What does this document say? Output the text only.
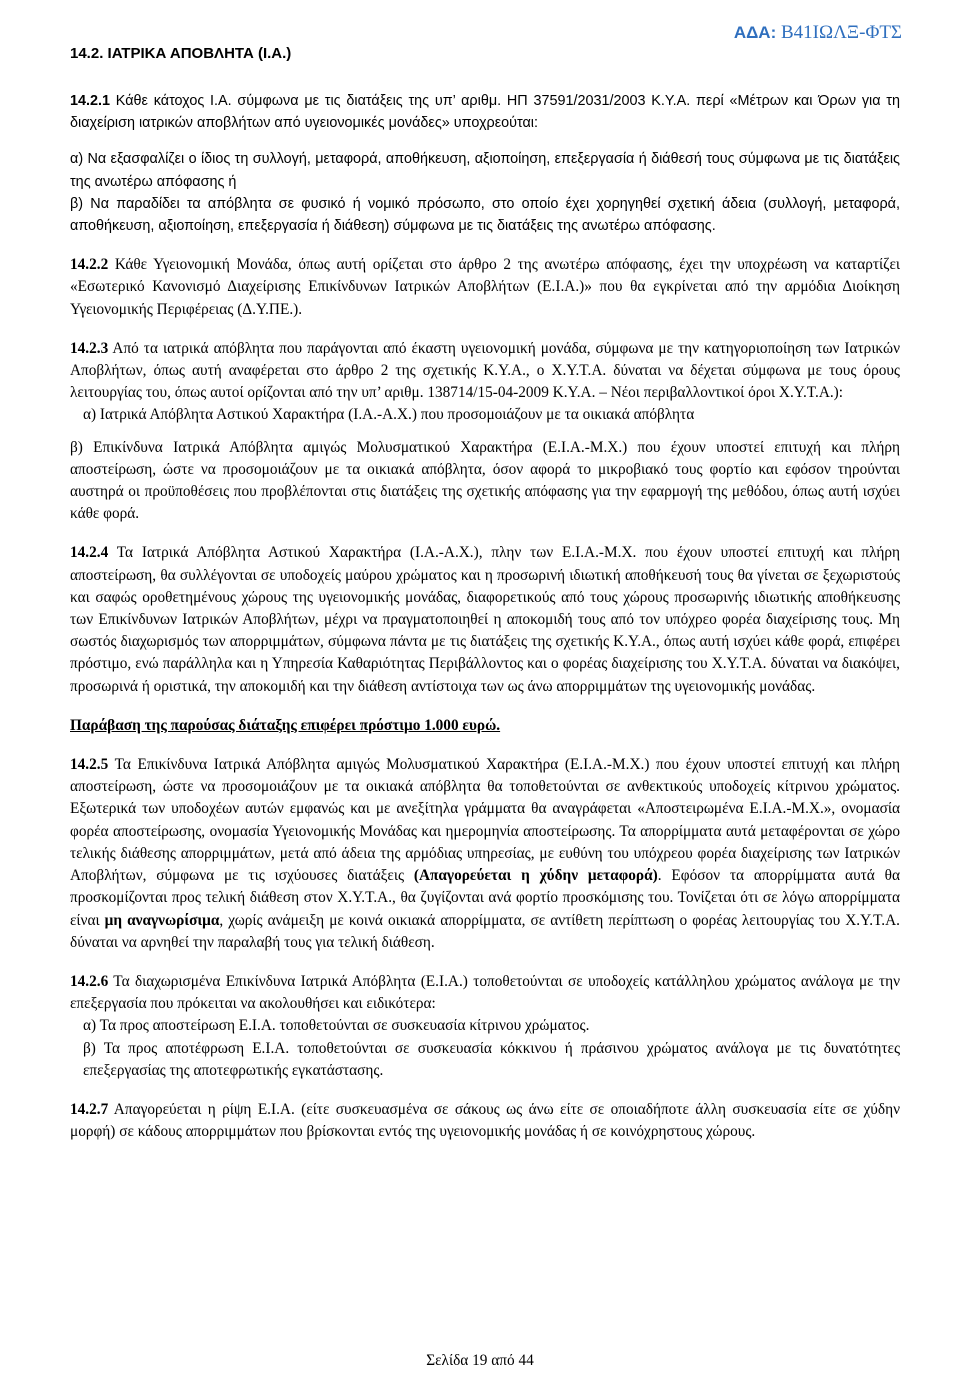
14.2. ΙΑΤΡΙΚΑ ΑΠΟΒΛΗΤΑ (Ι.Α.)
ΑΔΑ: Β41ΙΩΛΞ-ΦΤΣ

14.2.1 Κάθε κάτοχος Ι.Α. σύμφωνα με τις διατάξεις της υπ’ αριθμ. ΗΠ 37591/2031/2003 Κ.Υ.Α. περί «Μέτρων και Όρων για τη διαχείριση ιατρικών αποβλήτων από υγειονομικές μονάδες» υποχρεούται:

α) Να εξασφαλίζει ο ίδιος τη συλλογή, μεταφορά, αποθήκευση, αξιοποίηση, επεξεργασία ή διάθεσή τους σύμφωνα με τις διατάξεις της ανωτέρω απόφασης ή

β) Να παραδίδει τα απόβλητα σε φυσικό ή νομικό πρόσωπο, στο οποίο έχει χορηγηθεί σχετική άδεια (συλλογή, μεταφορά, αποθήκευση, αξιοποίηση, επεξεργασία ή διάθεση) σύμφωνα με τις διατάξεις της ανωτέρω απόφασης.

14.2.2 Κάθε Υγειονομική Μονάδα, όπως αυτή ορίζεται στο άρθρο 2 της ανωτέρω απόφασης, έχει την υποχρέωση να καταρτίζει «Εσωτερικό Κανονισμό Διαχείρισης Επικίνδυνων Ιατρικών Αποβλήτων (Ε.Ι.Α.)» που θα εγκρίνεται από την αρμόδια Διοίκηση Υγειονομικής Περιφέρειας (Δ.Υ.ΠΕ.).

14.2.3 Από τα ιατρικά απόβλητα που παράγονται από έκαστη υγειονομική μονάδα, σύμφωνα με την κατηγοριοποίηση των Ιατρικών Αποβλήτων, όπως αυτή αναφέρεται στο άρθρο 2 της σχετικής Κ.Υ.Α., ο Χ.Υ.Τ.Α. δύναται να δέχεται σύμφωνα με τους όρους λειτουργίας του, όπως αυτοί ορίζονται από την υπ’ αριθμ. 138714/15-04-2009 Κ.Υ.Α. – Νέοι περιβαλλοντικοί όροι Χ.Υ.Τ.Α.):

α) Ιατρικά Απόβλητα Αστικού Χαρακτήρα (Ι.Α.-Α.Χ.) που προσομοιάζουν με τα οικιακά απόβλητα

β) Επικίνδυνα Ιατρικά Απόβλητα αμιγώς Μολυσματικού Χαρακτήρα (Ε.Ι.Α.-Μ.Χ.) που έχουν υποστεί επιτυχή και πλήρη αποστείρωση, ώστε να προσομοιάζουν με τα οικιακά απόβλητα, όσον αφορά το μικροβιακό τους φορτίο και εφόσον τηρούνται αυστηρά οι προϋποθέσεις που προβλέπονται στις διατάξεις της σχετικής απόφασης για την εφαρμογή της μεθόδου, όπως αυτή ισχύει κάθε φορά.

14.2.4 Τα Ιατρικά Απόβλητα Αστικού Χαρακτήρα (Ι.Α.-Α.Χ.), πλην των Ε.Ι.Α.-Μ.Χ. που έχουν υποστεί επιτυχή και πλήρη αποστείρωση, θα συλλέγονται σε υποδοχείς μαύρου χρώματος και η προσωρινή ιδιωτική αποθήκευσή τους θα γίνεται σε ξεχωριστούς και σαφώς οροθετημένους χώρους της υγειονομικής μονάδας, διαφορετικούς από τους χώρους προσωρινής ιδιωτικής αποθήκευσης των Επικίνδυνων Ιατρικών Αποβλήτων, μέχρι να πραγματοποιηθεί η αποκομιδή τους από τον υπόχρεο φορέα διαχείρισης τους. Μη σωστός διαχωρισμός των απορριμμάτων, σύμφωνα πάντα με τις διατάξεις της σχετικής Κ.Υ.Α., όπως αυτή ισχύει κάθε φορά, επιφέρει πρόστιμο, ενώ παράλληλα και η Υπηρεσία Καθαριότητας Περιβάλλοντος και ο φορέας διαχείρισης του Χ.Υ.Τ.Α. δύναται να διακόψει, προσωρινά ή οριστικά, την αποκομιδή και την διάθεση αντίστοιχα των ως άνω απορριμμάτων της υγειονομικής μονάδας.

Παράβαση της παρούσας διάταξης επιφέρει πρόστιμο 1.000 ευρώ.

14.2.5 Τα Επικίνδυνα Ιατρικά Απόβλητα αμιγώς Μολυσματικού Χαρακτήρα (Ε.Ι.Α.-Μ.Χ.) που έχουν υποστεί επιτυχή και πλήρη αποστείρωση, ώστε να προσομοιάζουν με τα οικιακά απόβλητα θα τοποθετούνται σε ανθεκτικούς υποδοχείς κίτρινου χρώματος. Εξωτερικά των υποδοχέων αυτών εμφανώς και με ανεξίτηλα γράμματα θα αναγράφεται «Αποστειρωμένα Ε.Ι.Α.-Μ.Χ.», ονομασία φορέα αποστείρωσης, ονομασία Υγειονομικής Μονάδας και ημερομηνία αποστείρωσης. Τα απορρίμματα αυτά μεταφέρονται σε χώρο τελικής διάθεσης απορριμμάτων, μετά από άδεια της αρμόδιας υπηρεσίας, με ευθύνη του υπόχρεου φορέα διαχείρισης των Ιατρικών Αποβλήτων, σύμφωνα με τις ισχύουσες διατάξεις (Απαγορεύεται η χύδην μεταφορά). Εφόσον τα απορρίμματα αυτά θα προσκομίζονται προς τελική διάθεση στον Χ.Υ.Τ.Α., θα ζυγίζονται ανά φορτίο προσκόμισης του. Τονίζεται ότι σε λόγω απορρίμματα είναι μη αναγνωρίσιμα, χωρίς ανάμειξη με κοινά οικιακά απορρίμματα, σε αντίθετη περίπτωση ο φορέας λειτουργίας του Χ.Υ.Τ.Α. δύναται να αρνηθεί την παραλαβή τους για τελική διάθεση.

14.2.6 Τα διαχωρισμένα Επικίνδυνα Ιατρικά Απόβλητα (Ε.Ι.Α.) τοποθετούνται σε υποδοχείς κατάλληλου χρώματος ανάλογα με την επεξεργασία που πρόκειται να ακολουθήσει και ειδικότερα:

α) Τα προς αποστείρωση Ε.Ι.Α. τοποθετούνται σε συσκευασία κίτρινου χρώματος.

β) Τα προς αποτέφρωση Ε.Ι.Α. τοποθετούνται σε συσκευασία κόκκινου ή πράσινου χρώματος ανάλογα με τις δυνατότητες επεξεργασίας της αποτεφρωτικής εγκατάστασης.

14.2.7 Απαγορεύεται η ρίψη Ε.Ι.Α. (είτε συσκευασμένα σε σάκους ως άνω είτε σε οποιαδήποτε άλλη συσκευασία είτε σε χύδην μορφή) σε κάδους απορριμμάτων που βρίσκονται εντός της υγειονομικής μονάδας ή σε κοινόχρηστους χώρους.

Σελίδα 19 από 44
